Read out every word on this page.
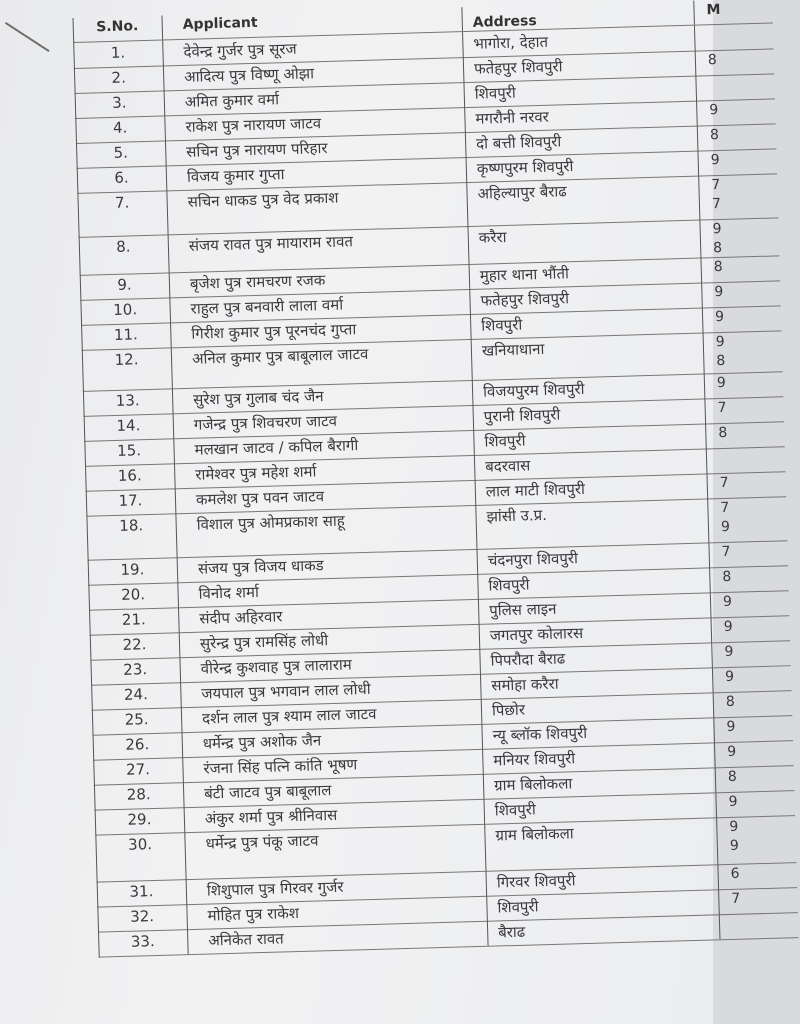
S.No.	Applicant	Address
M
1.	देवेन्द्र गुर्जर पुत्र सूरज	भागोरा, देहात
2.	आदित्य पुत्र विष्णू ओझा	फतेहपुर शिवपुरी	8
3.	अमित कुमार वर्मा	शिवपुरी
4.	राकेश पुत्र नारायण जाटव	मगरौनी नरवर	9
5.	सचिन पुत्र नारायण परिहार	दो बत्ती शिवपुरी	8
6.	विजय कुमार गुप्ता	कृष्णपुरम शिवपुरी	9
7.	सचिन धाकड पुत्र वेद प्रकाश	अहिल्यापुर बैराढ	7
7
8.	संजय रावत पुत्र मायाराम रावत	करैरा	9
8
9.	बृजेश पुत्र रामचरण रजक	मुहार थाना भौंती	8
10.	राहुल पुत्र बनवारी लाला वर्मा	फतेहपुर शिवपुरी	9
11.	गिरीश कुमार पुत्र पूरनचंद गुप्ता	शिवपुरी	9
12.	अनिल कुमार पुत्र बाबूलाल जाटव	खनियाधाना	9
8
13.	सुरेश पुत्र गुलाब चंद जैन	विजयपुरम शिवपुरी	9
14.	गजेन्द्र पुत्र शिवचरण जाटव	पुरानी शिवपुरी	7
15.	मलखान जाटव / कपिल बैरागी	शिवपुरी	8
16.	रामेश्वर पुत्र महेश शर्मा	बदरवास
17.	कमलेश पुत्र पवन जाटव	लाल माटी शिवपुरी	7
18.	विशाल पुत्र ओमप्रकाश साहू	झांसी उ.प्र.	7
9
19.	संजय पुत्र विजय धाकड	चंदनपुरा शिवपुरी	7
20.	विनोद शर्मा	शिवपुरी	8
21.	संदीप अहिरवार	पुलिस लाइन	9
22.	सुरेन्द्र पुत्र रामसिंह लोधी	जगतपुर कोलारस	9
23.	वीरेन्द्र कुशवाह पुत्र लालाराम	पिपरौदा बैराढ	9
24.	जयपाल पुत्र भगवान लाल लोधी	समोहा करैरा	9
25.	दर्शन लाल पुत्र श्याम लाल जाटव	पिछोर	8
26.	धर्मेन्द्र पुत्र अशोक जैन	न्यू ब्लॉक शिवपुरी	9
27.	रंजना सिंह पत्नि कांति भूषण	मनियर शिवपुरी	9
28.	बंटी जाटव पुत्र बाबूलाल	ग्राम बिलोकला	8
29.	अंकुर शर्मा पुत्र श्रीनिवास	शिवपुरी	9
30.	धर्मेन्द्र पुत्र पंकू जाटव	ग्राम बिलोकला	9
9
31.	शिशुपाल पुत्र गिरवर गुर्जर	गिरवर शिवपुरी	6
32.	मोहित पुत्र राकेश	शिवपुरी	7
33.	अनिकेत रावत	बैराढ
